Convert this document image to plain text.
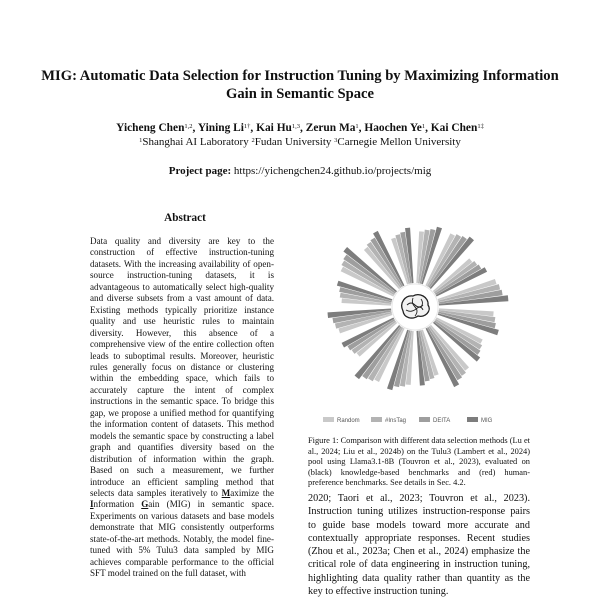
MIG: Automatic Data Selection for Instruction Tuning by Maximizing Information Gain in Semantic Space
Yicheng Chen$^{1,2}$, Yining $Li^{1\dagger}$, Kai Hu$^{1,3}$, Zerun Ma$^1$, Haochen Ye$^1$, Kai Chen$^{1\ddagger}$
$^1$Shanghai AI Laboratory $^2$Fudan University $^3$Carnegie Mellon University
Project page: https://yichengchen24.github.io/projects/mig
Abstract
Data quality and diversity are key to the construction of effective instruction-tuning datasets. With the increasing availability of open-source instruction-tuning datasets, it is advantageous to automatically select high-quality and diverse subsets from a vast amount of data. Existing methods typically prioritize instance quality and use heuristic rules to maintain diversity. However, this absence of a comprehensive view of the entire collection often leads to suboptimal results. Moreover, heuristic rules generally focus on distance or clustering within the embedding space, which fails to accurately capture the intent of complex instructions in the semantic space. To bridge this gap, we propose a unified method for quantifying the information content of datasets. This method models the semantic space by constructing a label graph and quantifies diversity based on the distribution of information within the graph. Based on such a measurement, we further introduce an efficient sampling method that selects data samples iteratively to Maximize the Information Gain (MIG) in semantic space. Experiments on various datasets and base models demonstrate that MIG consistently outperforms state-of-the-art methods. Notably, the model fine-tuned with 5% Tulu3 data sampled by MIG achieves comparable performance to the official SFT model trained on the full dataset, with
Random	#InsTag	DEITA	MIG
Figure 1: Comparison with different data selection methods (Lu et al., 2024; Liu et al., 2024b) on the Tulu3 (Lambert et al., 2024) pool using Llama3.1-8B (Touvron et al., 2023), evaluated on (black) knowledge-based benchmarks and (red) human-preference benchmarks. See details in Sec. 4.2.
2020; Taori et al., 2023; Touvron et al., 2023). Instruction tuning utilizes instruction-response pairs to guide base models toward more accurate and contextually appropriate responses. Recent studies (Zhou et al., 2023a; Chen et al., 2024) emphasize the critical role of data engineering in instruction tuning, highlighting data quality rather than quantity as the key to effective instruction tuning.
